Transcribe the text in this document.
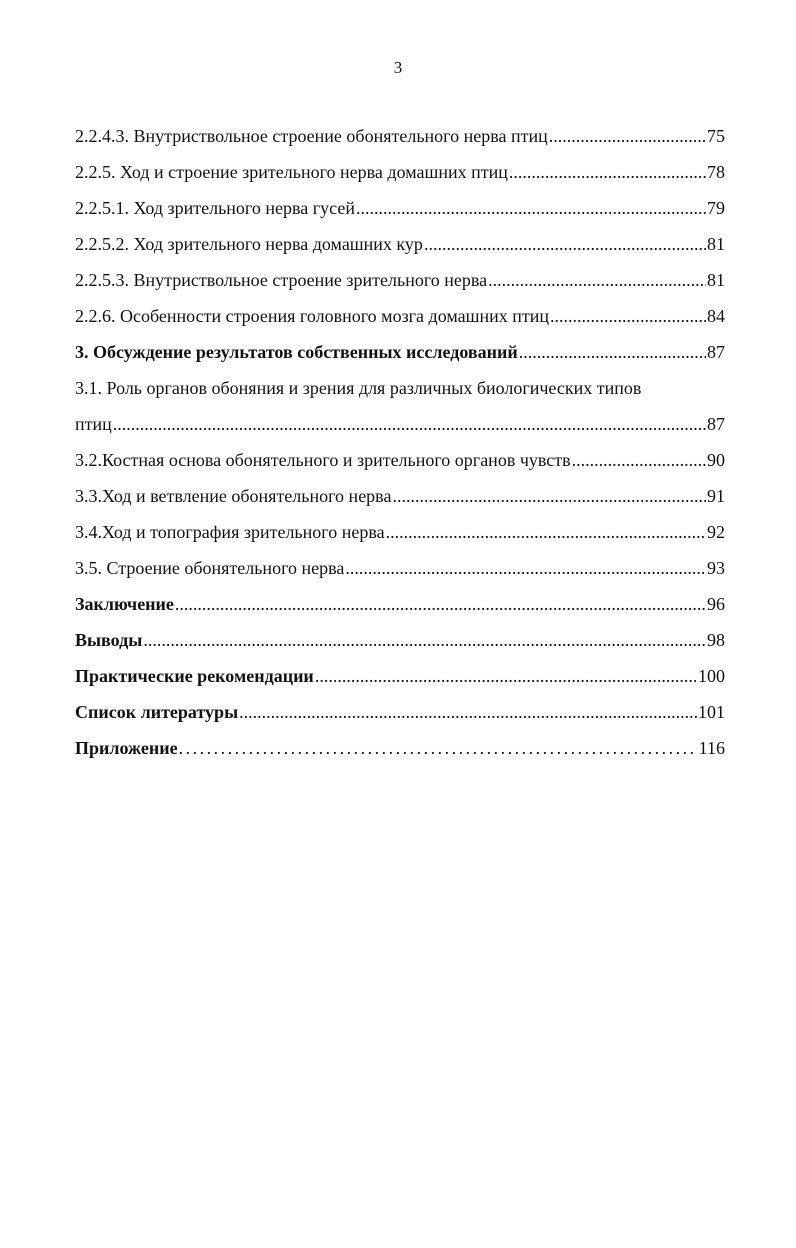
3
2.2.4.3. Внутриствольное строение обонятельного нерва птиц .....	75
2.2.5. Ход и строение зрительного нерва домашних птиц .....	78
2.2.5.1. Ход зрительного нерва гусей .....	79
2.2.5.2. Ход зрительного нерва домашних кур .....	81
2.2.5.3. Внутриствольное строение зрительного нерва .....	81
2.2.6. Особенности строения головного мозга домашних птиц .....	84
3. Обсуждение результатов собственных исследований .....	87
3.1. Роль органов обоняния и зрения для различных биологических типов
птиц .....	87
3.2.Костная основа обонятельного и зрительного органов чувств .....	90
3.3.Ход и ветвление обонятельного нерва .....	91
3.4.Ход и топография зрительного нерва .....	92
3.5. Строение обонятельного нерва .....	93
Заключение .....	96
Выводы .....	98
Практические рекомендации .....	100
Список литературы .....	101
Приложение . . .	116
